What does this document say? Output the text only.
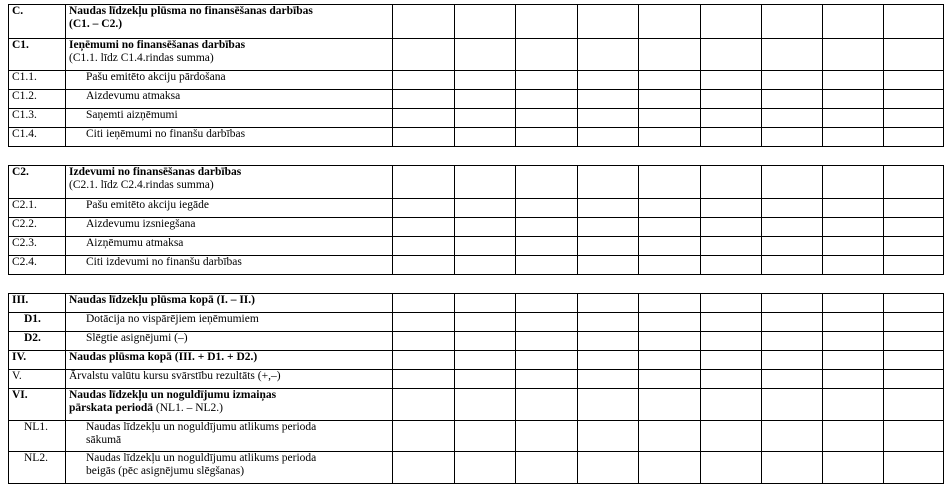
C.	Naudas līdzekļu plūsma no finansēšanas darbības
(C1. – C2.)									

C1.	Ieņēmumi no finansēšanas darbības
(C1.1. līdz C1.4.rindas summa)									

C1.1.	Pašu emitēto akciju pārdošana									

C1.2.	Aizdevumu atmaksa									

C1.3.	Saņemti aizņēmumi									

C1.4.	Citi ieņēmumi no finanšu darbības									

C2.	Izdevumi no finansēšanas darbības
(C2.1. līdz C2.4.rindas summa)									

C2.1.	Pašu emitēto akciju iegāde									

C2.2.	Aizdevumu izsniegšana									

C2.3.	Aizņēmumu atmaksa									

C2.4.	Citi izdevumi no finanšu darbības									

III.	Naudas līdzekļu plūsma kopā (I. – II.)									

D1.	Dotācija no vispārējiem ieņēmumiem									

D2.	Slēgtie asignējumi (–)									

IV.	Naudas plūsma kopā (III. + D1. + D2.)									

V.	Ārvalstu valūtu kursu svārstību rezultāts (+,–)									

VI.	Naudas līdzekļu un noguldījumu izmaiņas
pārskata periodā (NL1. – NL2.)									

NL1.	Naudas līdzekļu un noguldījumu atlikums perioda
sākumā									

NL2.	Naudas līdzekļu un noguldījumu atlikums perioda
beigās (pēc asignējumu slēgšanas)									
